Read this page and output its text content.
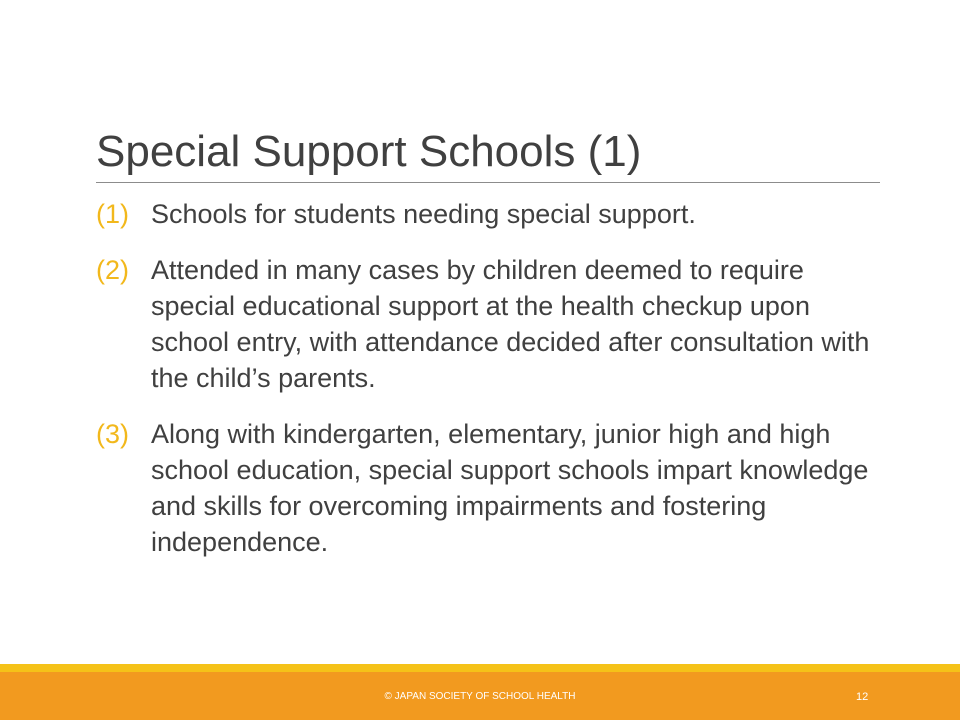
Special Support Schools (1)
(1) Schools for students needing special support.
(2) Attended in many cases by children deemed to require special educational support at the health checkup upon school entry, with attendance decided after consultation with the child’s parents.
(3) Along with kindergarten, elementary, junior high and high school education, special support schools impart knowledge and skills for overcoming impairments and fostering independence.
© JAPAN SOCIETY OF SCHOOL HEALTH	12
